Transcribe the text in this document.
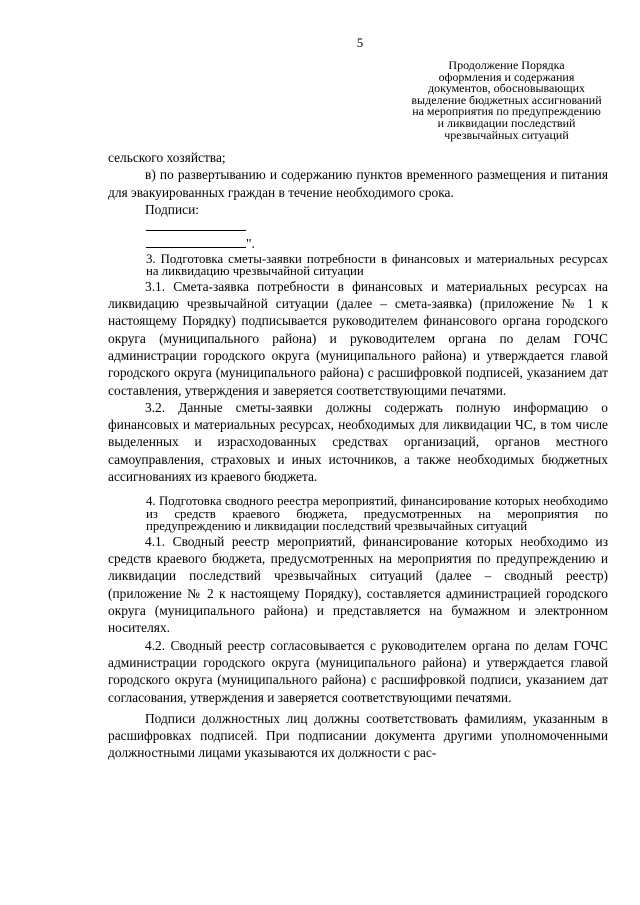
5
Продолжение Порядка
оформления и содержания
документов, обосновывающих
выделение бюджетных ассигнований
на мероприятия по предупреждению
и ликвидации последствий
чрезвычайных ситуаций

сельского хозяйства;

в) по развертыванию и содержанию пунктов временного размещения и питания для эвакуированных граждан в течение необходимого срока.

Подписи:

".

3. Подготовка сметы-заявки потребности в финансовых и материальных ресурсах на ликвидацию чрезвычайной ситуации

3.1. Смета-заявка потребности в финансовых и материальных ресурсах на ликвидацию чрезвычайной ситуации (далее – смета-заявка) (приложение № 1 к настоящему Порядку) подписывается руководителем финансового органа городского округа (муниципального района) и руководителем органа по делам ГОЧС администрации городского округа (муниципального района) и утверждается главой городского округа (муниципального района) с расшифровкой подписей, указанием дат составления, утверждения и заверяется соответствующими печатями.

3.2. Данные сметы-заявки должны содержать полную информацию о финансовых и материальных ресурсах, необходимых для ликвидации ЧС, в том числе выделенных и израсходованных средствах организаций, органов местного самоуправления, страховых и иных источников, а также необходимых бюджетных ассигнованиях из краевого бюджета.

4. Подготовка сводного реестра мероприятий, финансирование которых необходимо из средств краевого бюджета, предусмотренных на мероприятия по предупреждению и ликвидации последствий чрезвычайных ситуаций

4.1. Сводный реестр мероприятий, финансирование которых необходимо из средств краевого бюджета, предусмотренных на мероприятия по предупреждению и ликвидации последствий чрезвычайных ситуаций (далее – сводный реестр) (приложение № 2 к настоящему Порядку), составляется администрацией городского округа (муниципального района) и представляется на бумажном и электронном носителях.

4.2. Сводный реестр согласовывается с руководителем органа по делам ГОЧС администрации городского округа (муниципального района) и утверждается главой городского округа (муниципального района) с расшифровкой подписи, указанием дат согласования, утверждения и заверяется соответствующими печатями.

Подписи должностных лиц должны соответствовать фамилиям, указанным в расшифровках подписей. При подписании документа другими уполномоченными должностными лицами указываются их должности с рас-
